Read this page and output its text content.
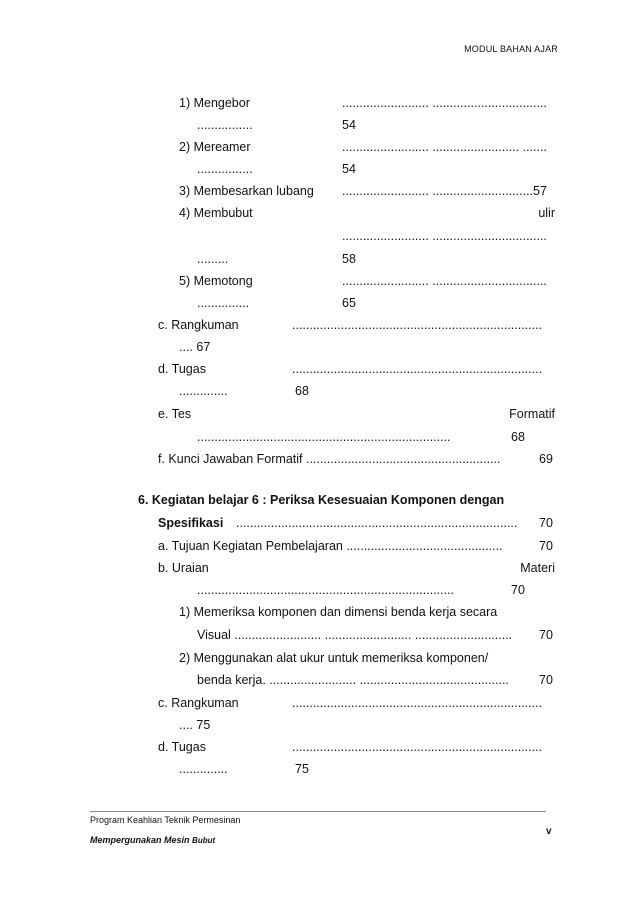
MODUL BAHAN AJAR
1) Mengebor	......................... .................................
................	54
2) Mereamer	......................... ......................... .......
................	54
3) Membesarkan lubang ......................... .............................57
4) Membubut	ulir
......................... .................................
.........	58
5) Memotong	......................... .................................
...............	65
c. Rangkuman	........................................................................
.... 67
d. Tugas	........................................................................
..............	68
e. Tes	Formatif
.........................................................................	68
f. Kunci Jawaban Formatif ........................................................	69
6. Kegiatan belajar 6 : Periksa Kesesuaian Komponen dengan
Spesifikasi ................................................................................. 70
a. Tujuan Kegiatan Pembelajaran .............................................	70
b. Uraian	Materi
..........................................................................	70
1) Memeriksa komponen dan dimensi benda kerja secara
Visual ......................... ......................... ............................ 70
2) Menggunakan alat ukur untuk memeriksa komponen/
benda kerja. ......................... ........................................... 70
c. Rangkuman	........................................................................
.... 75
d. Tugas	........................................................................
..............	75
Program Keahlian Teknik Permesinan
Mempergunakan Mesin Bubut
v
